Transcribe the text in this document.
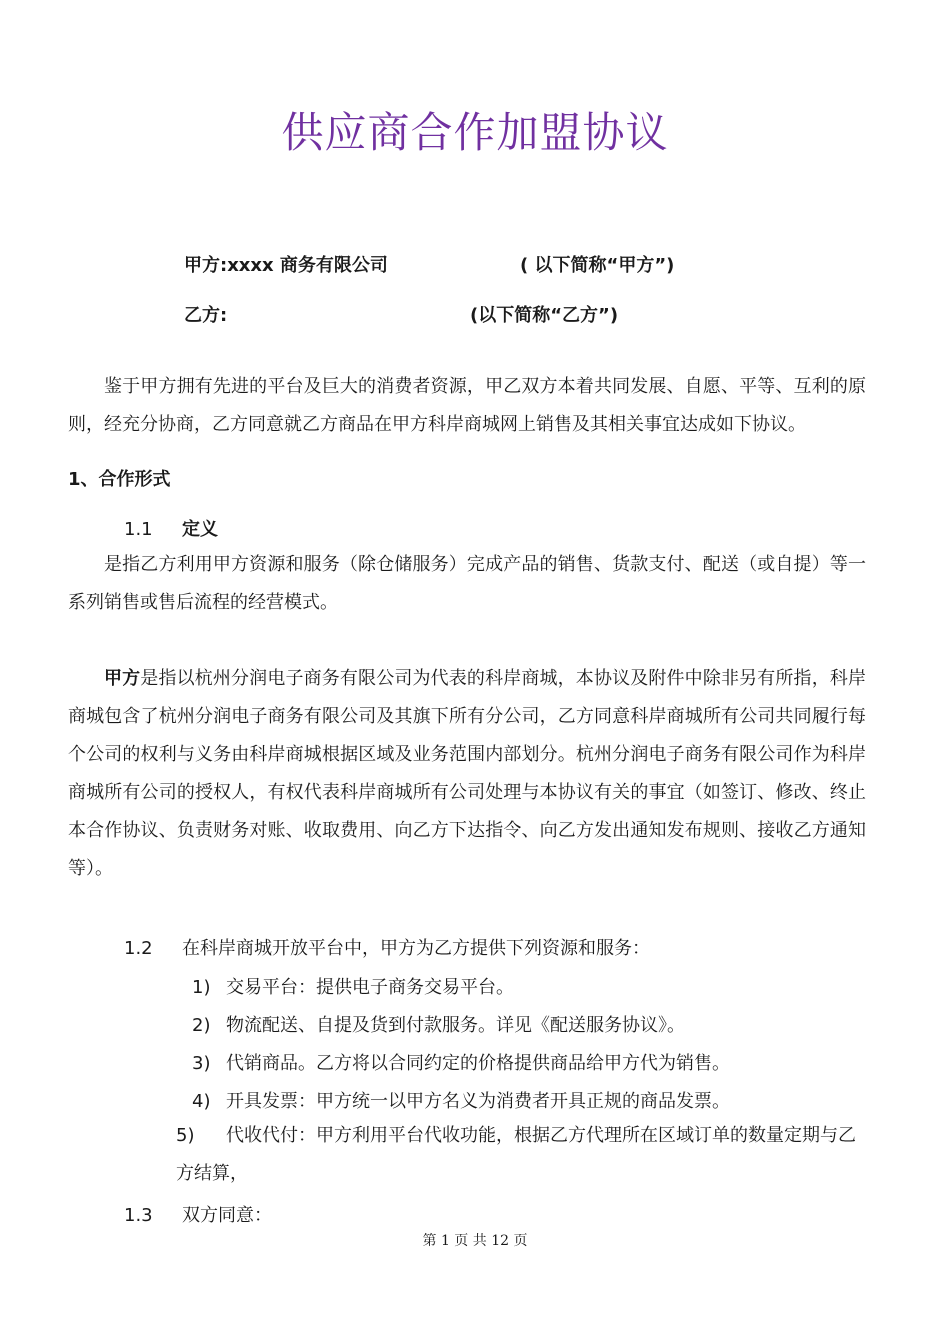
供应商合作加盟协议
甲方:xxxx 商务有限公司	( 以下简称“甲方”)
乙方:	(以下简称“乙方”)
鉴于甲方拥有先进的平台及巨大的消费者资源，甲乙双方本着共同发展、自愿、平等、互利的原则，经充分协商，乙方同意就乙方商品在甲方科岸商城网上销售及其相关事宜达成如下协议。
1、合作形式
1.1 定义
是指乙方利用甲方资源和服务（除仓储服务）完成产品的销售、货款支付、配送（或自提）等一系列销售或售后流程的经营模式。
甲方是指以杭州分润电子商务有限公司为代表的科岸商城，本协议及附件中除非另有所指，科岸商城包含了杭州分润电子商务有限公司及其旗下所有分公司，乙方同意科岸商城所有公司共同履行每个公司的权利与义务由科岸商城根据区域及业务范围内部划分。杭州分润电子商务有限公司作为科岸商城所有公司的授权人，有权代表科岸商城所有公司处理与本协议有关的事宜（如签订、修改、终止本合作协议、负责财务对账、收取费用、向乙方下达指令、向乙方发出通知发布规则、接收乙方通知等）。
1.2 在科岸商城开放平台中，甲方为乙方提供下列资源和服务：
1) 交易平台：提供电子商务交易平台。
2) 物流配送、自提及货到付款服务。详见《配送服务协议》。
3) 代销商品。乙方将以合同约定的价格提供商品给甲方代为销售。
4) 开具发票：甲方统一以甲方名义为消费者开具正规的商品发票。
5) 代收代付：甲方利用平台代收功能，根据乙方代理所在区域订单的数量定期与乙方结算，
1.3 双方同意：
第 1 页 共 12 页
